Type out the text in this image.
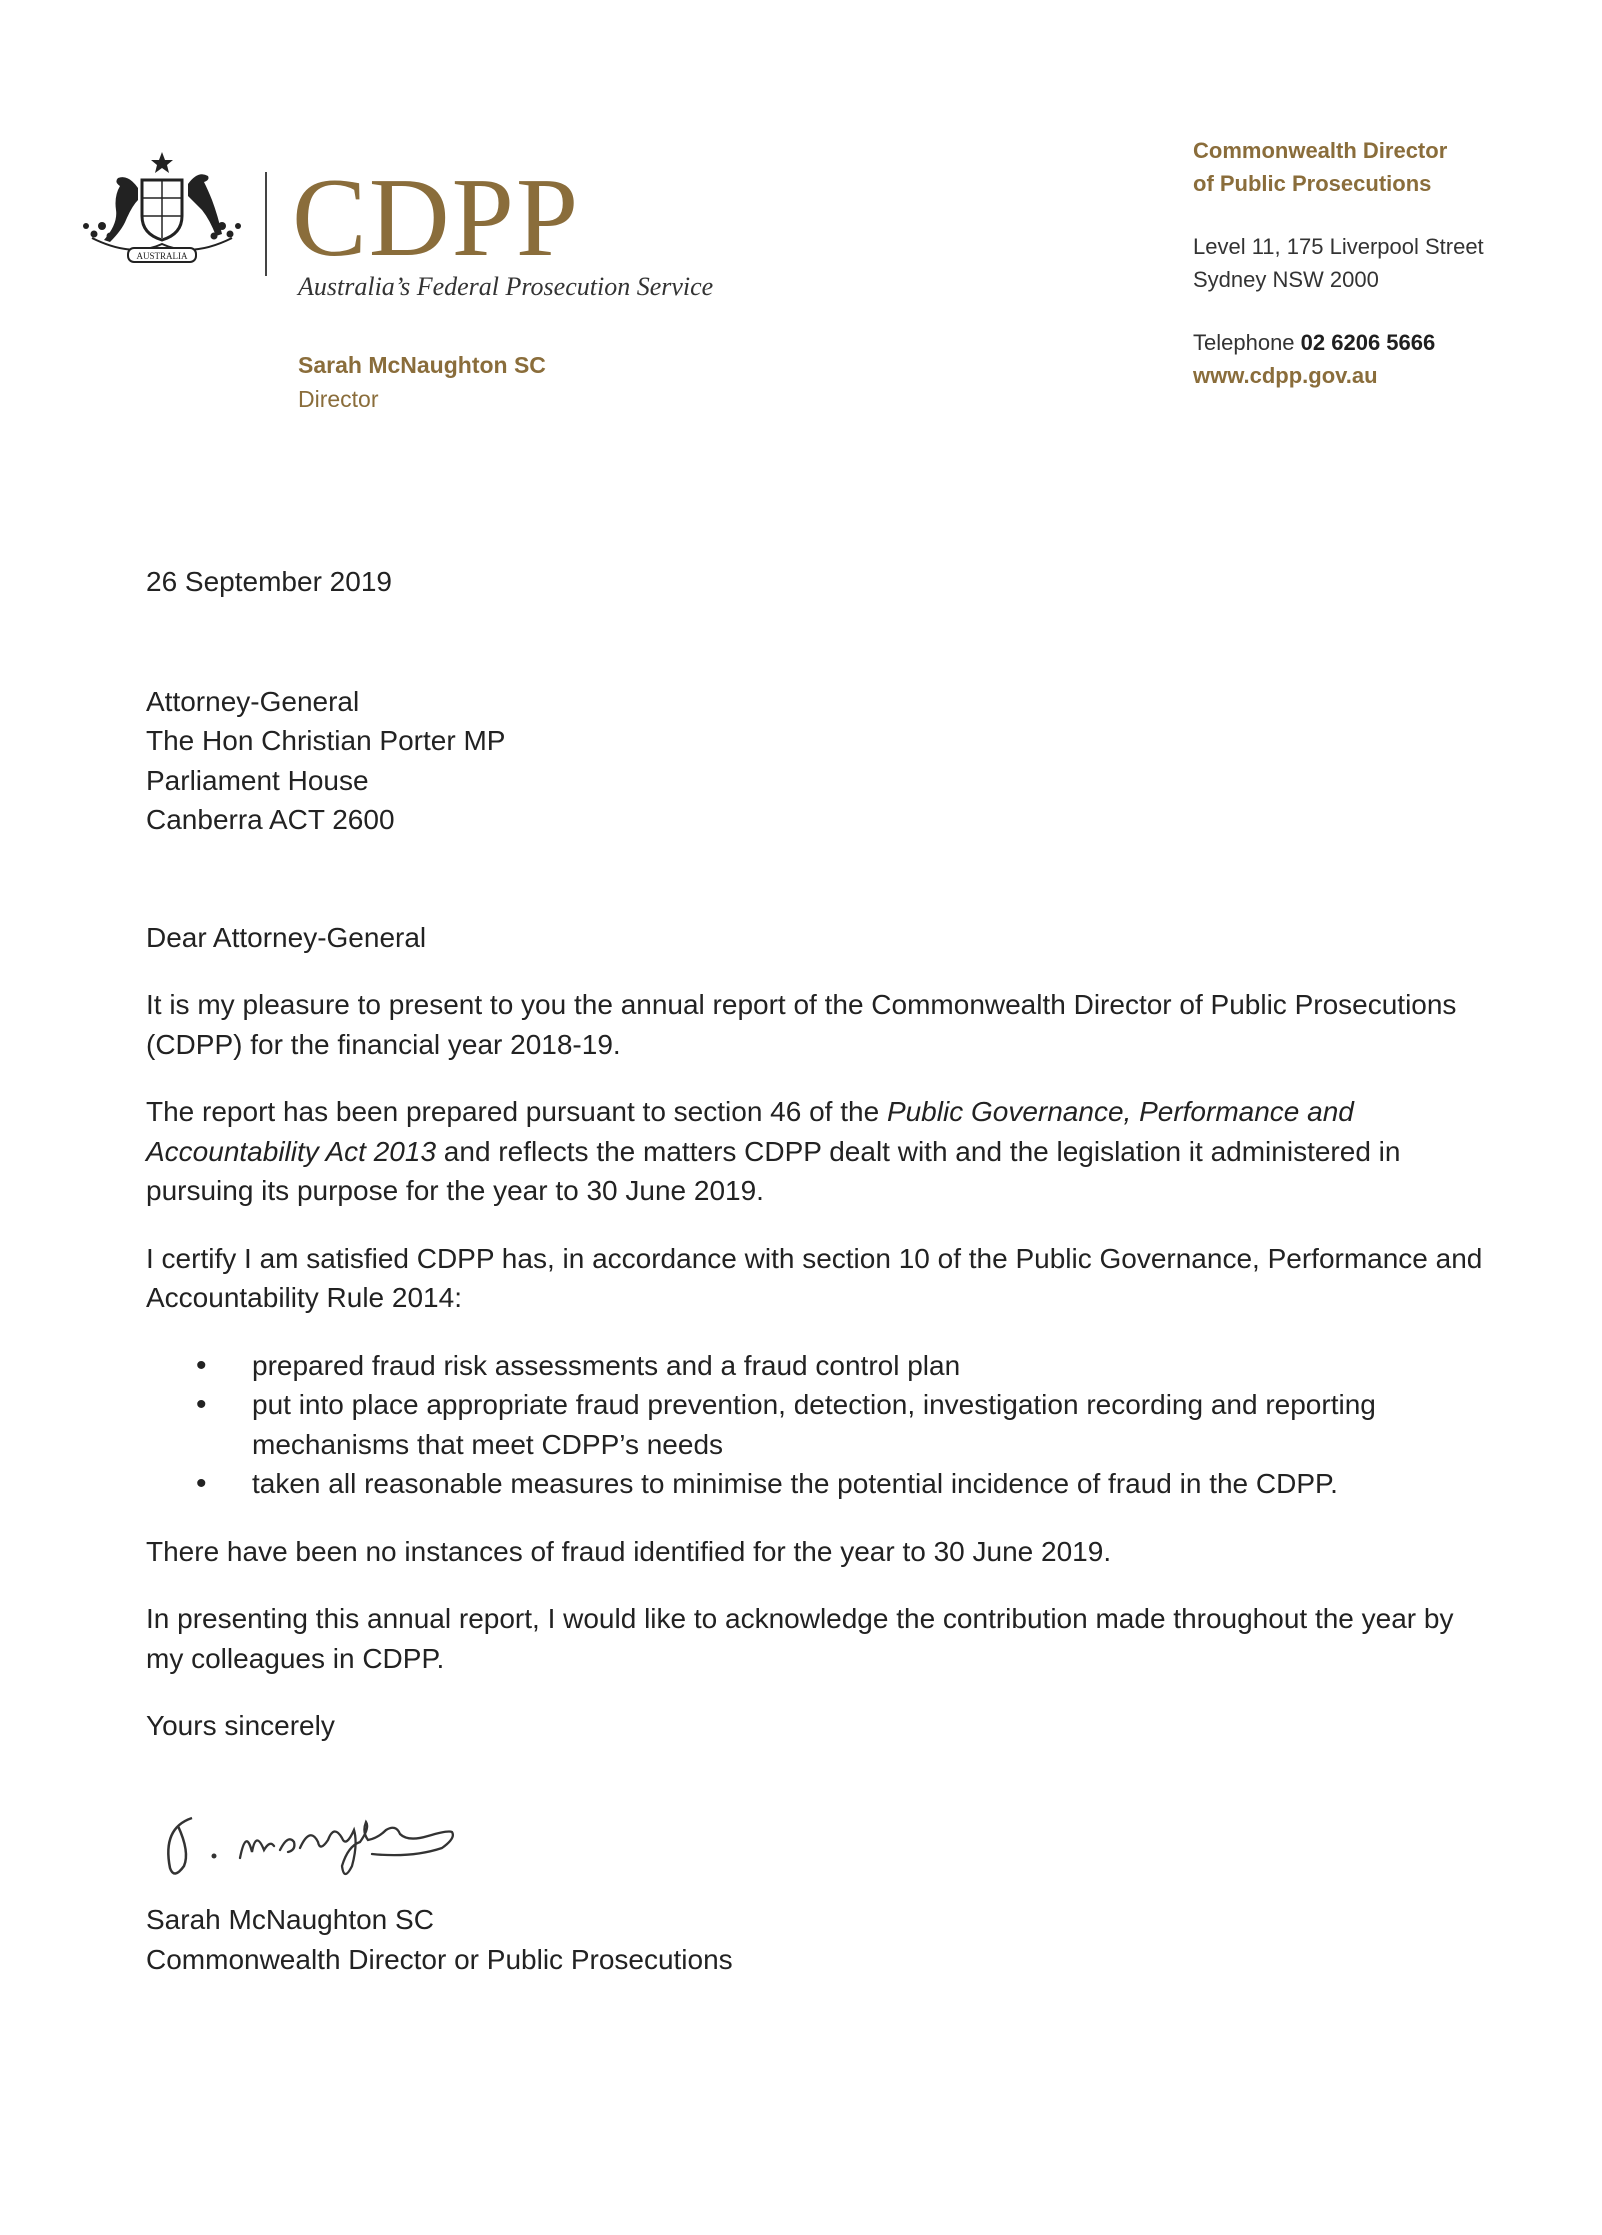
AUSTRALIA CDPP
Australia’s Federal Prosecution Service
Sarah McNaughton SC
Director
Commonwealth Director
of Public Prosecutions
Level 11, 175 Liverpool Street
Sydney NSW 2000
Telephone 02 6206 5666
www.cdpp.gov.au

26 September 2019

Attorney-General

The Hon Christian Porter MP

Parliament House

Canberra ACT 2600

Dear Attorney-General

It is my pleasure to present to you the annual report of the Commonwealth Director of Public Prosecutions (CDPP) for the financial year 2018-19.

The report has been prepared pursuant to section 46 of the Public Governance, Performance and Accountability Act 2013 and reflects the matters CDPP dealt with and the legislation it administered in pursuing its purpose for the year to 30 June 2019.

I certify I am satisfied CDPP has, in accordance with section 10 of the Public Governance, Performance and Accountability Rule 2014:

• prepared fraud risk assessments and a fraud control plan
• put into place appropriate fraud prevention, detection, investigation recording and reporting mechanisms that meet CDPP’s needs
• taken all reasonable measures to minimise the potential incidence of fraud in the CDPP.

There have been no instances of fraud identified for the year to 30 June 2019.

In presenting this annual report, I would like to acknowledge the contribution made throughout the year by my colleagues in CDPP.

Yours sincerely

Sarah McNaughton SC
Commonwealth Director or Public Prosecutions
